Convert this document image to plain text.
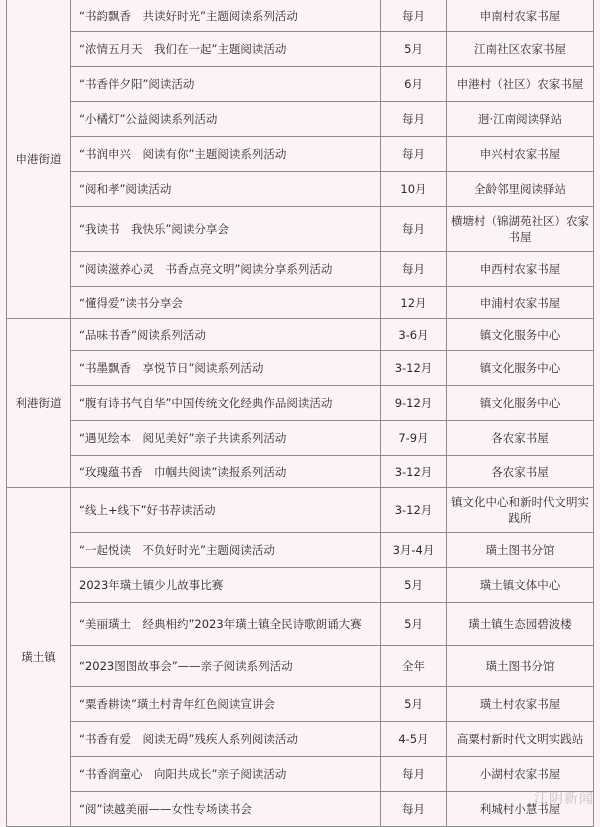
申港街道	“书韵飘香　共读好时光”主题阅读系列活动	每月	申南村农家书屋
	“浓情五月天　我们在一起”主题阅读活动	5月	江南社区农家书屋
	“书香伴夕阳”阅读活动	6月	申港村（社区）农家书屋
	“小橘灯”公益阅读系列活动	每月	迥·江南阅读驿站
	“书润申兴　阅读有你”主题阅读系列活动	每月	申兴村农家书屋
	“阅和孝”阅读活动	10月	全龄邻里阅读驿站
	“我读书　我快乐”阅读分享会	每月	横塘村（锦湖苑社区）农家书屋
	“阅读滋养心灵　书香点亮文明”阅读分享系列活动	每月	申西村农家书屋
	“懂得爱”读书分享会	12月	申浦村农家书屋
利港街道	“品味书香”阅读系列活动	3-6月	镇文化服务中心
	“书墨飘香　享悦节日”阅读系列活动	3-12月	镇文化服务中心
	“腹有诗书气自华”中国传统文化经典作品阅读活动	9-12月	镇文化服务中心
	“遇见绘本　阅见美好”亲子共读系列活动	7-9月	各农家书屋
	“玫瑰蕴书香　巾帼共阅读”读报系列活动	3-12月	各农家书屋
璜土镇	“线上+线下”好书荐读活动	3-12月	镇文化中心和新时代文明实践所
	“一起悦读　不负好时光”主题阅读活动	3月-4月	璜土图书分馆
	2023年璜土镇少儿故事比赛	5月	璜土镇文体中心
	“美丽璜土　经典相约”2023年璜土镇全民诗歌朗诵大赛	5月	璜土镇生态园碧波楼
	“2023图图故事会”——亲子阅读系列活动	全年	璜土图书分馆
	“粟香耕读”璜土村青年红色阅读宣讲会	5月	璜土村农家书屋
	“书香有爱　阅读无碍”残疾人系列阅读活动	4-5月	高粟村新时代文明实践站
	“书香润童心　向阳共成长”亲子阅读活动	每月	小湖村农家书屋
	“阅”读越美丽——女性专场读书会	每月	利城村小慧书屋
江阴新闻
